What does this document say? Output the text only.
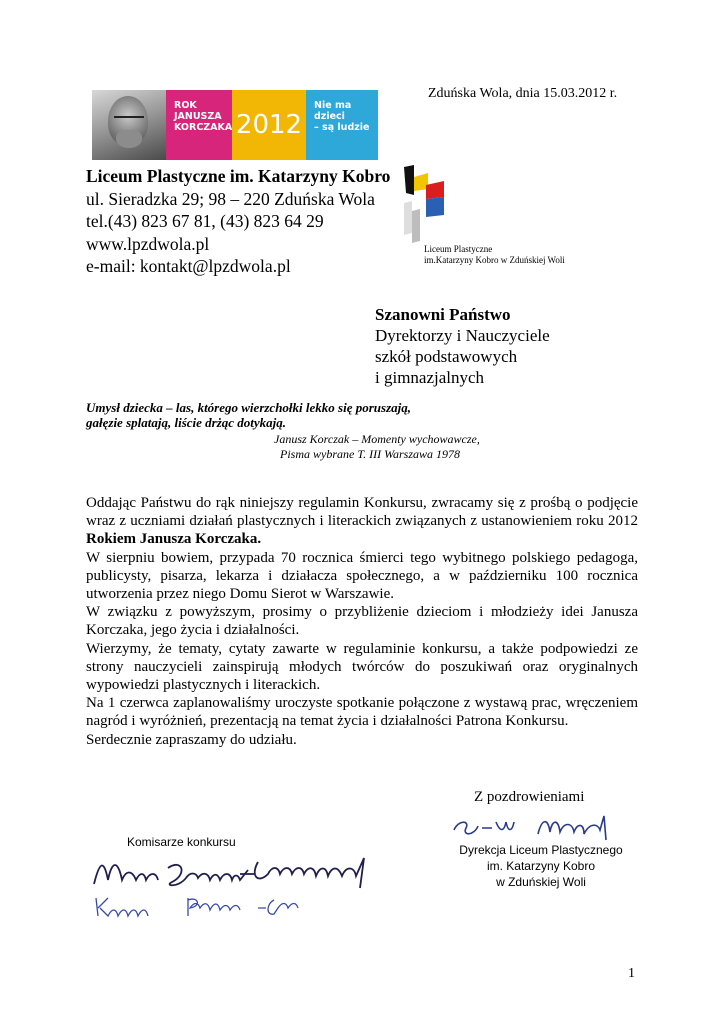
Zduńska Wola, dnia 15.03.2012 r.
ROK
JANUSZA
KORCZAKA 2012
Nie ma
dzieci
– są ludzie
Liceum Plastyczne im. Katarzyny Kobro
ul. Sieradzka 29; 98 – 220 Zduńska Wola
tel.(43) 823 67 81, (43) 823 64 29
www.lpzdwola.pl
e-mail: kontakt@lpzdwola.pl
Liceum Plastyczne
im.Katarzyny Kobro w Zduńskiej Woli
Szanowni Państwo
Dyrektorzy i Nauczyciele
szkół podstawowych
i gimnazjalnych
Umysł dziecka – las, którego wierzchołki lekko się poruszają,
gałęzie splatają, liście drżąc dotykają.
Janusz Korczak – Momenty wychowawcze,
Pisma wybrane T. III Warszawa 1978

Oddając Państwu do rąk niniejszy regulamin Konkursu, zwracamy się z prośbą o podjęcie wraz z uczniami działań plastycznych i literackich związanych z ustanowieniem roku 2012 Rokiem Janusza Korczaka.

W sierpniu bowiem, przypada 70 rocznica śmierci tego wybitnego polskiego pedagoga, publicysty, pisarza, lekarza i działacza społecznego, a w październiku 100 rocznica utworzenia przez niego Domu Sierot w Warszawie.

W związku z powyższym, prosimy o przybliżenie dzieciom i młodzieży idei Janusza Korczaka, jego życia i działalności.

Wierzymy, że tematy, cytaty zawarte w regulaminie konkursu, a także podpowiedzi ze strony nauczycieli zainspirują młodych twórców do poszukiwań oraz oryginalnych wypowiedzi plastycznych i literackich.

Na 1 czerwca zaplanowaliśmy uroczyste spotkanie połączone z wystawą prac, wręczeniem nagród i wyróżnień, prezentacją na temat życia i działalności Patrona Konkursu.

Serdecznie zapraszamy do udziału.

Z pozdrowieniami
Komisarze konkursu
Dyrekcja Liceum Plastycznego
im. Katarzyny Kobro
w Zduńskiej Woli
1
